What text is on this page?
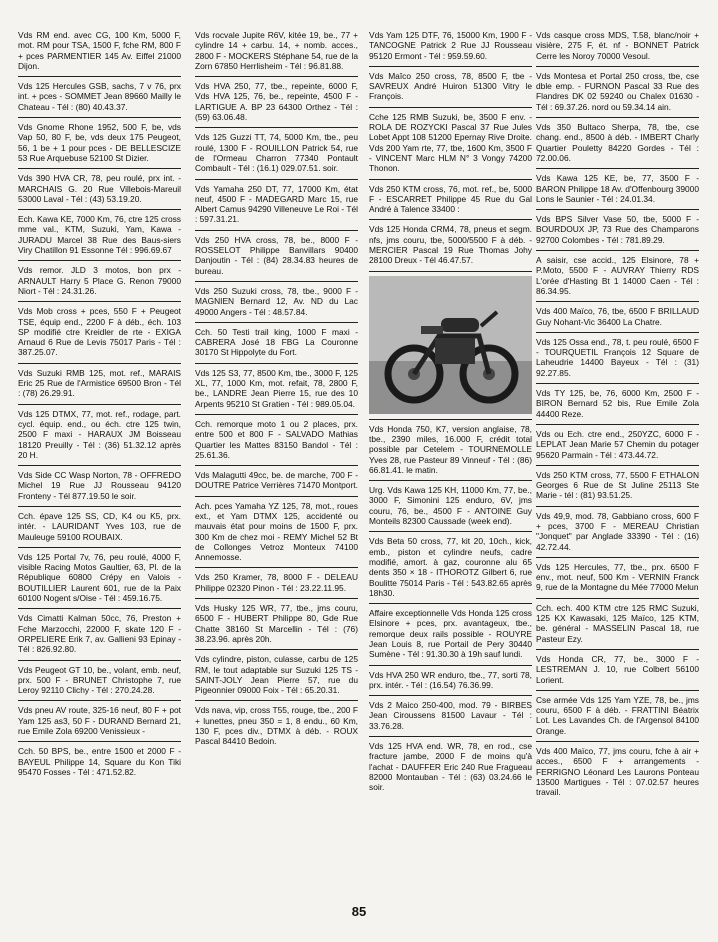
Vds RM end. avec CG, 100 Km, 5000 F, mot. RM pour TSA, 1500 F, fche RM, 800 F + pces PARMENTIER 145 Av. Eiffel 21000 Dijon.

Vds 125 Hercules GSB, sachs, 7 v 76, prx int. + pces - SOMMET Jean 89660 Mailly le Chateau - Tél : (80) 40.43.37.

Vds Gnome Rhone 1952, 500 F, be, vds Vap 50, 80 F, be, vds deux 175 Peugeot, 56, 1 be + 1 pour pces - DE BELLESCIZE 53 Rue Arquebuse 52100 St Dizier.

Vds 390 HVA CR, 78, peu roulé, prx int. - MARCHAIS G. 20 Rue Villebois-Mareuil 53000 Laval - Tél : (43) 53.19.20.

Ech. Kawa KE, 7000 Km, 76, ctre 125 cross mme val., KTM, Suzuki, Yam, Kawa - JURADU Marcel 38 Rue des Baus-siers Viry Chatillon 91 Essonne Tél : 996.69.67

Vds remor. JLD 3 motos, bon prx - ARNAULT Harry 5 Place G. Renon 79000 Niort - Tél : 24.31.26.

Vds Mob cross + pces, 550 F + Peugeot TSE, équip end., 2200 F à déb., éch. 103 SP modifié ctre Kreidler de rte - EXIGA Arnaud 6 Rue de Levis 75017 Paris - Tél : 387.25.07.

Vds Suzuki RMB 125, mot. ref., MARAIS Eric 25 Rue de l'Armistice 69500 Bron - Tél : (78) 26.29.91.

Vds 125 DTMX, 77, mot. ref., rodage, part. cycl. équip. end., ou éch. ctre 125 twin, 2500 F maxi - HARAUX JM Boisseau 18120 Preuilly - Tél : (36) 51.32.12 après 20 H.

Vds Side CC Wasp Norton, 78 - OFFREDO Michel 19 Rue JJ Rousseau 94120 Fronteny - Tél 877.19.50 le soir.

Cch. épave 125 SS, CD, K4 ou K5, prx. intér. - LAURIDANT Yves 103, rue de Mauleuge 59100 ROUBAIX.

Vds 125 Portal 7v, 76, peu roulé, 4000 F, visible Racing Motos Gaultier, 63, Pl. de la République 60800 Crépy en Valois - BOUTILLIER Laurent 601, rue de la Paix 60100 Nogent s/Oise - Tél : 459.16.75.

Vds Cimatti Kalman 50cc, 76, Preston + Fche Marzocchi, 22000 F, skate 120 F - ORPELIERE Erik 7, av. Gallieni 93 Epinay - Tél : 826.92.80.

Vds Peugeot GT 10, be., volant, emb. neuf, prx. 500 F - BRUNET Christophe 7, rue Leroy 92110 Clichy - Tél : 270.24.28.

Vds pneu AV route, 325-16 neuf, 80 F + pot Yam 125 as3, 50 F - DURAND Bernard 21, rue Emile Zola 69200 Venissieux -

Cch. 50 BPS, be., entre 1500 et 2000 F - BAYEUL Philippe 14, Square du Kon Tiki 95470 Fosses - Tél : 471.52.82.

Vds rocvale Jupite R6V, kitée 19, be., 77 + cylindre 14 + carbu. 14, + nomb. acces., 2800 F - MOCKERS Stéphane 54, rue de la Zorn 67850 Herrlisheim - Tél : 96.81.88.

Vds HVA 250, 77, tbe., repeinte, 6000 F, Vds HVA 125, 76, be., repeinte, 4500 F - LARTIGUE A. BP 23 64300 Orthez - Tél : (59) 63.06.48.

Vds 125 Guzzi TT, 74, 5000 Km, tbe., peu roulé, 1300 F - ROUILLON Patrick 54, rue de l'Ormeau Charron 77340 Pontault Combault - Tél : (16.1) 029.07.51. soir.

Vds Yamaha 250 DT, 77, 17000 Km, état neuf, 4500 F - MADEGARD Marc 15, rue Albert Camus 94290 Villeneuve Le Roi - Tél : 597.31.21.

Vds 250 HVA cross, 78, be., 8000 F - ROSSELOT Philippe Banvillars 90400 Danjoutin - Tél : (84) 28.34.83 heures de bureau.

Vds 250 Suzuki cross, 78, tbe., 9000 F - MAGNIEN Bernard 12, Av. ND du Lac 49000 Angers - Tél : 48.57.84.

Cch. 50 Testi trail king, 1000 F maxi - CABRERA José 18 FBG La Couronne 30170 St Hippolyte du Fort.

Vds 125 S3, 77, 8500 Km, tbe., 3000 F, 125 XL, 77, 1000 Km, mot. refait, 78, 2800 F, be., LANDRE Jean Pierre 15, rue des 10 Arpents 95210 St Gratien - Tél : 989.05.04.

Cch. remorque moto 1 ou 2 places, prx. entre 500 et 800 F - SALVADO Mathias Quartier les Mattes 83150 Bandol - Tél : 25.61.36.

Vds Malagutti 49cc, be. de marche, 700 F - DOUTRE Patrice Verrières 71470 Montport.

Ach. pces Yamaha YZ 125, 78, mot., roues ext., et Yam DTMX 125, accidenté ou mauvais état pour moins de 1500 F, prx. 300 Km de chez moi - REMY Michel 52 Bt de Collonges Vetroz Monteux 74100 Annemosse.

Vds 250 Kramer, 78, 8000 F - DELEAU Philippe 02320 Pinon - Tél : 23.22.11.95.

Vds Husky 125 WR, 77, tbe., jms couru, 6500 F - HUBERT Philippe 80, Gde Rue Chatte 38160 St Marcellin - Tél : (76) 38.23.96. après 20h.

Vds cylindre, piston, culasse, carbu de 125 RM, le tout adaptable sur Suzuki 125 TS - SAINT-JOLY Jean Pierre 57, rue du Pigeonnier 09000 Foix - Tél : 65.20.31.

Vds nava, vip, cross T55, rouge, tbe., 200 F + lunettes, pneu 350 = 1, 8 endu., 60 Km, 130 F, pces div., DTMX à déb. - ROUX Pascal 84410 Bedoin.

Vds Yam 125 DTF, 76, 15000 Km, 1900 F - TANCOGNE Patrick 2 Rue JJ Rousseau 95120 Ermont - Tél : 959.59.60.

Vds Maîco 250 cross, 78, 8500 F, tbe - SAVREUX André Huiron 51300 Vitry le François.

Cche 125 RMB Suzuki, be, 3500 F env. - ROLA DE ROZYCKI Pascal 37 Rue Jules Lobet Appt 108 51200 Epernay Rive Droite. Vds 200 Yam rte, 77, tbe, 1600 Km, 3500 F - VINCENT Marc HLM N° 3 Vongy 74200 Thonon.

Vds 250 KTM cross, 76, mot. ref., be, 5000 F - ESCARRET Philippe 45 Rue du Gal André à Talence 33400 :

Vds 125 Honda CRM4, 78, pneus et segm. nfs, jms couru, tbe, 5000/5500 F à déb. - MERCIER Pascal 19 Rue Thomas Johy 28100 Dreux - Tél 46.47.57.

Vds Honda 750, K7, version anglaise, 78, tbe., 2390 miles, 16.000 F, crédit total possible par Cetelem - TOURNEMOLLE Yves 28, rue Pasteur 89 Vinneuf - Tél : (86) 66.81.41. le matin.

Urg. Vds Kawa 125 KH, 11000 Km, 77, be., 3000 F, Simonini 125 enduro, 6V, jms couru, 76, be., 4500 F - ANTOINE Guy Monteils 82300 Caussade (week end).

Vds Beta 50 cross, 77, kit 20, 10ch., kick, emb., piston et cylindre neufs, cadre modifié, amort. à gaz, couronne alu 65 dents 350 × 18 - ITHOROTZ Gilbert 6, rue Boulitte 75014 Paris - Tél : 543.82.65 après 18h30.

Affaire exceptionnelle Vds Honda 125 cross Elsinore + pces, prx. avantageux, tbe., remorque deux rails possible - ROUYRE Jean Louis 8, rue Portail de Pery 30440 Sumène - Tél : 91.30.30 à 19h sauf lundi.

Vds HVA 250 WR enduro, tbe., 77, sorti 78, prx. intér. - Tél : (16.54) 76.36.99.

Vds 2 Maico 250-400, mod. 79 - BIRBES Jean Ciroussens 81500 Lavaur - Tél : 33.76.28.

Vds 125 HVA end. WR, 78, en rod., cse fracture jambe, 2000 F de moins qu'à l'achat - DAUFFER Eric 240 Rue Fragueau 82000 Montauban - Tél : (63) 03.24.66 le soir.

Vds casque cross MDS, T.58, blanc/noir + visière, 275 F, ét. nf - BONNET Patrick Cerre les Noroy 70000 Vesoul.

Vds Montesa et Portal 250 cross, tbe, cse dble emp. - FURNON Pascal 33 Rue des Flandres DK 02 59240 ou Chalex 01630 - Tél : 69.37.26. nord ou 59.34.14 ain.

Vds 350 Bultaco Sherpa, 78, tbe, cse chang. end., 8500 à déb. - IMBERT Charly Quartier Pouletty 84220 Gordes - Tél : 72.00.06.

Vds Kawa 125 KE, be, 77, 3500 F - BARON Philippe 18 Av. d'Offenbourg 39000 Lons le Saunier - Tél : 24.01.34.

Vds BPS Silver Vase 50, tbe, 5000 F - BOURDOUX JP, 73 Rue des Champarons 92700 Colombes - Tél : 781.89.29.

A saisir, cse accid., 125 Elsinore, 78 + P.Moto, 5500 F - AUVRAY Thierry RDS L'orée d'Hasting Bt 1 14000 Caen - Tél : 86.34.95.

Vds 400 Maïco, 76, tbe, 6500 F BRILLAUD Guy Nohant-Vic 36400 La Chatre.

Vds 125 Ossa end., 78, t. peu roulé, 6500 F - TOURQUETIL François 12 Square de Laheudrie 14400 Bayeux - Tél : (31) 92.27.85.

Vds TY 125, be, 76, 6000 Km, 2500 F - BIRON Bernard 52 bis, Rue Emile Zola 44400 Reze.

Vds ou Ech. ctre end., 250YZC, 6000 F - LEPLAT Jean Marie 57 Chemin du potager 95620 Parmain - Tél : 473.44.72.

Vds 250 KTM cross, 77, 5500 F ETHALON Georges 6 Rue de St Juline 25113 Ste Marie - tél : (81) 93.51.25.

Vds 49,9, mod. 78, Gabbiano cross, 600 F + pces, 3700 F - MEREAU Christian "Jonquet" par Anglade 33390 - Tél : (16) 42.72.44.

Vds 125 Hercules, 77, tbe., prx. 6500 F env., mot. neuf, 500 Km - VERNIN Franck 9, rue de la Montagne du Mée 77000 Melun

Cch. ech. 400 KTM ctre 125 RMC Suzuki, 125 KX Kawasaki, 125 Maïco, 125 KTM, be. général - MASSELIN Pascal 18, rue Pasteur Ezy.

Vds Honda CR, 77, be., 3000 F - LESTREMAN J. 10, rue Colbert 56100 Lorient.

Cse armée Vds 125 Yam YZE, 78, be., jms couru, 6500 F à déb. - FRATTINI Béatrix Lot. Les Lavandes Ch. de l'Argensol 84100 Orange.

Vds 400 Maïco, 77, jms couru, fche à air + acces., 6500 F + arrangements - FERRIGNO Léonard Les Laurons Ponteau 13500 Martigues - Tél : 07.02.57 heures travail.

85
